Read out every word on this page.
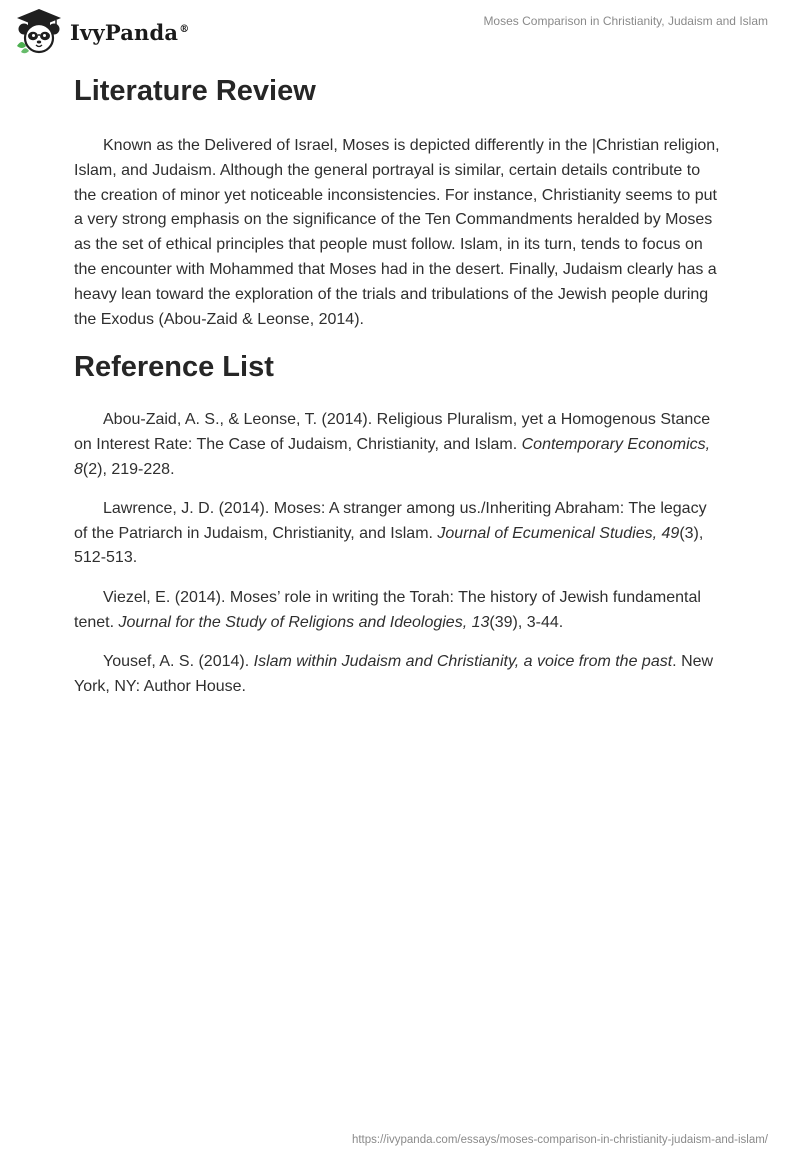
IvyPanda®
Moses Comparison in Christianity, Judaism and Islam
Literature Review

Known as the Delivered of Israel, Moses is depicted differently in the |Christian religion, Islam, and Judaism. Although the general portrayal is similar, certain details contribute to the creation of minor yet noticeable inconsistencies. For instance, Christianity seems to put a very strong emphasis on the significance of the Ten Commandments heralded by Moses as the set of ethical principles that people must follow. Islam, in its turn, tends to focus on the encounter with Mohammed that Moses had in the desert. Finally, Judaism clearly has a heavy lean toward the exploration of the trials and tribulations of the Jewish people during the Exodus (Abou-Zaid & Leonse, 2014).

Reference List

Abou-Zaid, A. S., & Leonse, T. (2014). Religious Pluralism, yet a Homogenous Stance on Interest Rate: The Case of Judaism, Christianity, and Islam. Contemporary Economics, 8(2), 219-228.

Lawrence, J. D. (2014). Moses: A stranger among us./Inheriting Abraham: The legacy of the Patriarch in Judaism, Christianity, and Islam. Journal of Ecumenical Studies, 49(3), 512-513.

Viezel, E. (2014). Moses’ role in writing the Torah: The history of Jewish fundamental tenet. Journal for the Study of Religions and Ideologies, 13(39), 3-44.

Yousef, A. S. (2014). Islam within Judaism and Christianity, a voice from the past. New York, NY: Author House.

https://ivypanda.com/essays/moses-comparison-in-christianity-judaism-and-islam/
